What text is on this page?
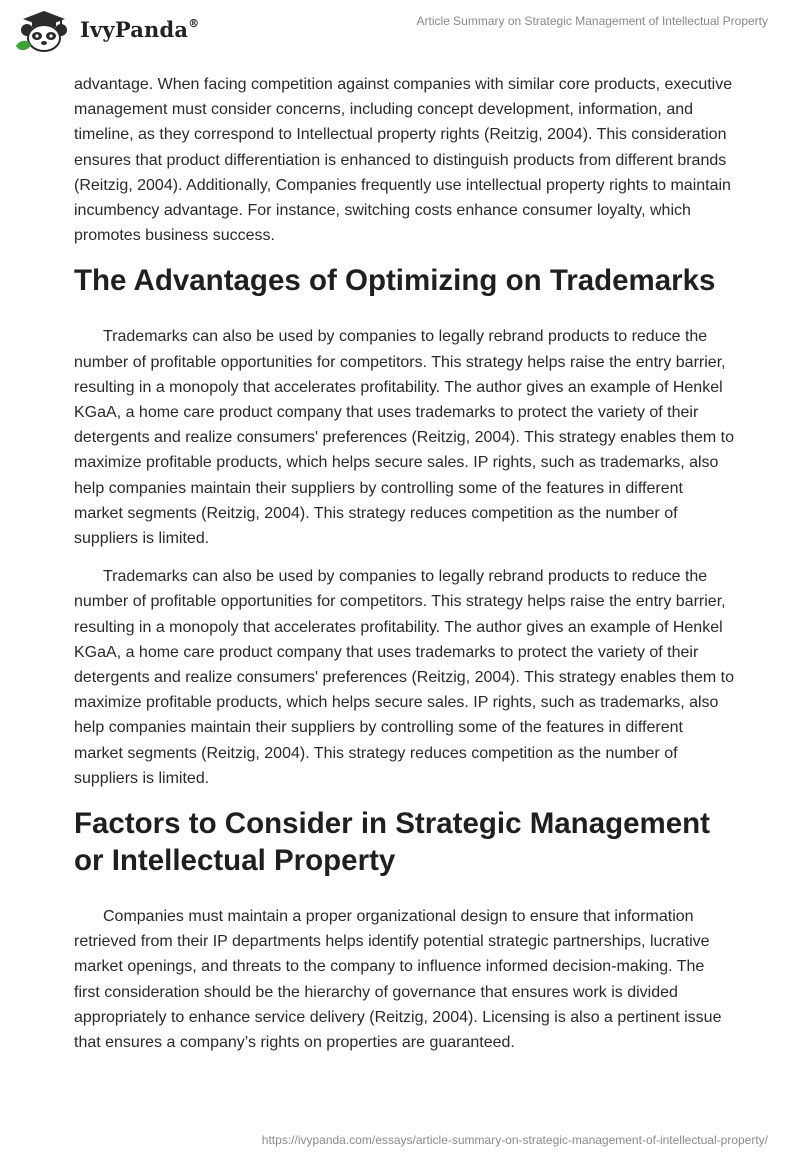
IvyPanda®	Article Summary on Strategic Management of Intellectual Property

advantage. When facing competition against companies with similar core products, executive management must consider concerns, including concept development, information, and timeline, as they correspond to Intellectual property rights (Reitzig, 2004). This consideration ensures that product differentiation is enhanced to distinguish products from different brands (Reitzig, 2004). Additionally, Companies frequently use intellectual property rights to maintain incumbency advantage. For instance, switching costs enhance consumer loyalty, which promotes business success.

The Advantages of Optimizing on Trademarks

Trademarks can also be used by companies to legally rebrand products to reduce the number of profitable opportunities for competitors. This strategy helps raise the entry barrier, resulting in a monopoly that accelerates profitability. The author gives an example of Henkel KGaA, a home care product company that uses trademarks to protect the variety of their detergents and realize consumers' preferences (Reitzig, 2004). This strategy enables them to maximize profitable products, which helps secure sales. IP rights, such as trademarks, also help companies maintain their suppliers by controlling some of the features in different market segments (Reitzig, 2004). This strategy reduces competition as the number of suppliers is limited.

Trademarks can also be used by companies to legally rebrand products to reduce the number of profitable opportunities for competitors. This strategy helps raise the entry barrier, resulting in a monopoly that accelerates profitability. The author gives an example of Henkel KGaA, a home care product company that uses trademarks to protect the variety of their detergents and realize consumers' preferences (Reitzig, 2004). This strategy enables them to maximize profitable products, which helps secure sales. IP rights, such as trademarks, also help companies maintain their suppliers by controlling some of the features in different market segments (Reitzig, 2004). This strategy reduces competition as the number of suppliers is limited.

Factors to Consider in Strategic Management or Intellectual Property

Companies must maintain a proper organizational design to ensure that information retrieved from their IP departments helps identify potential strategic partnerships, lucrative market openings, and threats to the company to influence informed decision-making. The first consideration should be the hierarchy of governance that ensures work is divided appropriately to enhance service delivery (Reitzig, 2004). Licensing is also a pertinent issue that ensures a company’s rights on properties are guaranteed.

https://ivypanda.com/essays/article-summary-on-strategic-management-of-intellectual-property/
